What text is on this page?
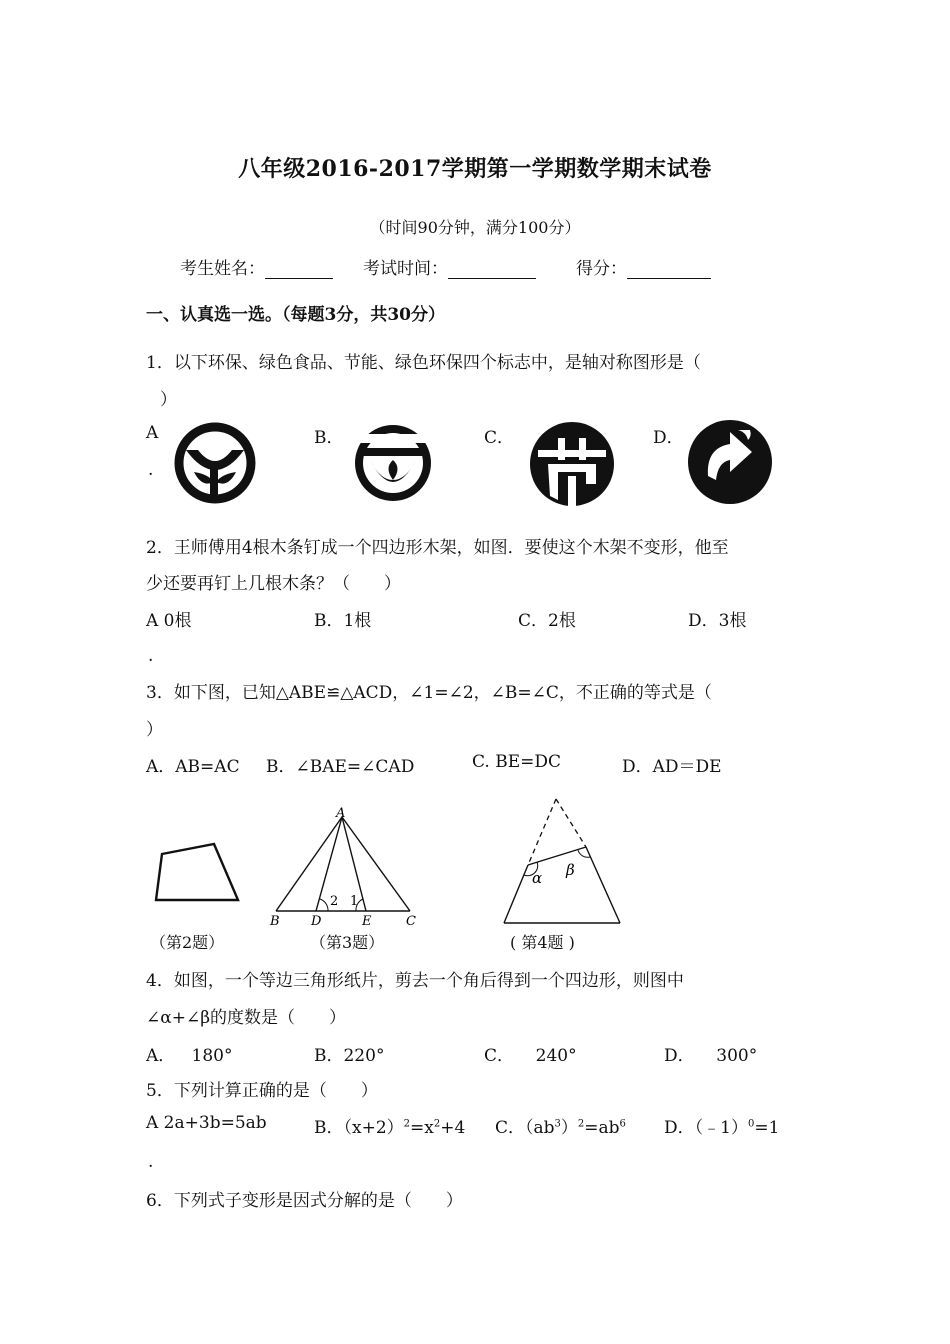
八年级2016-2017学期第一学期数学期末试卷
（时间90分钟，满分100分）
考生姓名：	考试时间：	得分：
一、认真选一选。（每题3分，共30分）
1．以下环保、绿色食品、节能、绿色环保四个标志中，是轴对称图形是（
）
A
.
B．	C．	D．
2．王师傅用4根木条钉成一个四边形木架，如图．要使这个木架不变形，他至
少还要再钉上几根木条？（　　）
A 0根
.
B．1根	C．2根	D．3根
3．如下图，已知△ABE≌△ACD，∠1=∠2，∠B=∠C，不正确的等式是（
）
A．AB=AC B．∠BAE=∠CAD	C. BE=DC	D．AD＝DE
（第2题）
A
B	C
D	E
2 1
（第3题）
α β
( 第4题 )
4．如图，一个等边三角形纸片，剪去一个角后得到一个四边形，则图中
∠α+∠β的度数是（　　）
A． 180°	B．220°	C． 240°	D． 300°
5．下列计算正确的是（　　）
A 2a+3b=5ab
.
B．$(x+2)^2=x^2+4$ C．$(ab^3)^2=ab^6$ D．（﹣1）$^0$=1
6．下列式子变形是因式分解的是（　　）
